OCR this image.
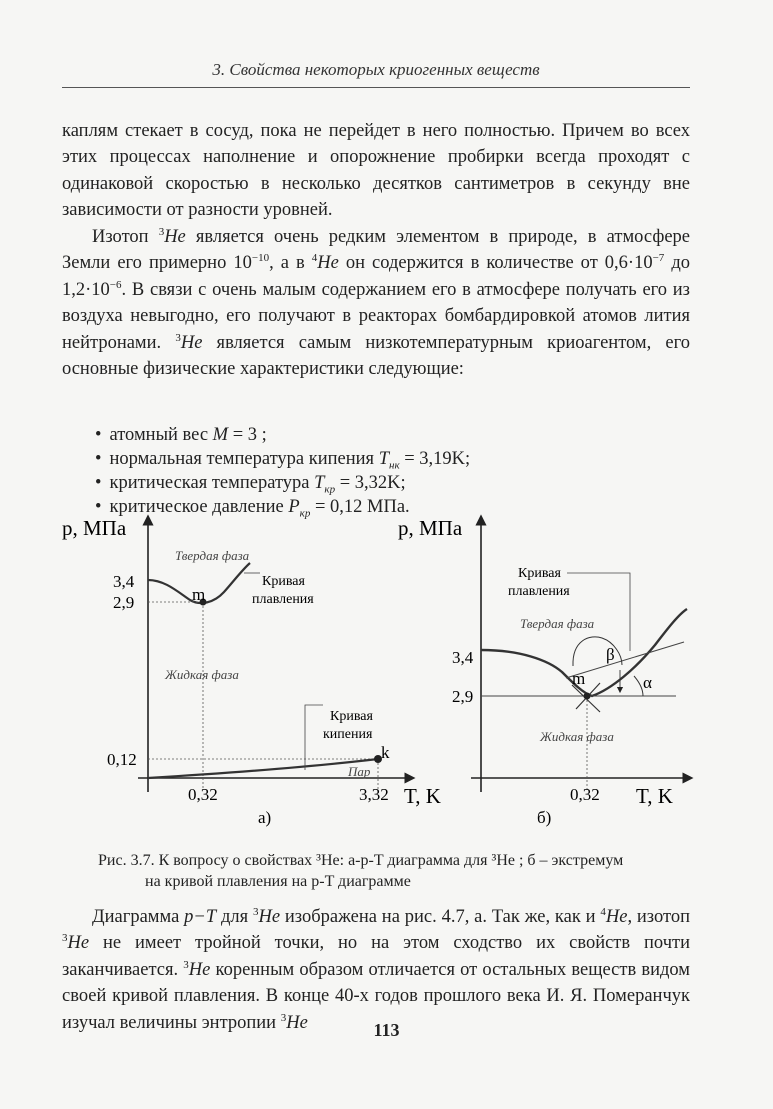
3. Свойства некоторых криогенных веществ

каплям стекает в сосуд, пока не перейдет в него полностью. Причем во всех этих процессах наполнение и опорожнение пробирки всегда проходят с одинаковой скоростью в несколько десятков сантиметров в секунду вне зависимости от разности уровней.

Изотоп $^3$He является очень редким элементом в природе, в атмосфере Земли его примерно $10^{-10}$, а в $^4$He он содержится в количестве от $0,6\cdot 10^{-7}$ до $1,2\cdot 10^{-6}$. В связи с очень малым содержанием его в атмосфере получать его из воздуха невыгодно, его получают в реакторах бомбардировкой атомов лития нейтронами. $^3$He является самым низкотемпературным криоагентом, его основные физические характеристики следующие:

• атомный вес M = 3 ;
• нормальная температура кипения $T_{нк} = 3,19K$;
• критическая температура $T_{кр} = 3,32K$;
• критическое давление $P_{кр} = 0,12$ МПа.
p, МПа
T, K
Твердая фаза
m
Кривая
плавления
Жидкая фаза
Кривая
кипения
k
Пар
3,4
2,9
0,12
0,32	3,32
а)
p, МПа
T, K
Кривая
плавления
Твердая фаза
m
β
α
Жидкая фаза
3,4
2,9
0,32
б)
Рис. 3.7. К вопросу о свойствах ³He: а-p-T диаграмма для ³He ; б – экстремум
на кривой плавления на p-T диаграмме

Диаграмма p−T для $^3$He изображена на рис. 4.7, а. Так же, как и $^4$He, изотоп $^3$He не имеет тройной точки, но на этом сходство их свойств почти заканчивается. $^3$He коренным образом отличается от остальных веществ видом своей кривой плавления. В конце 40-х годов прошлого века И. Я. Померанчук изучал величины энтропии $^3$He	113
